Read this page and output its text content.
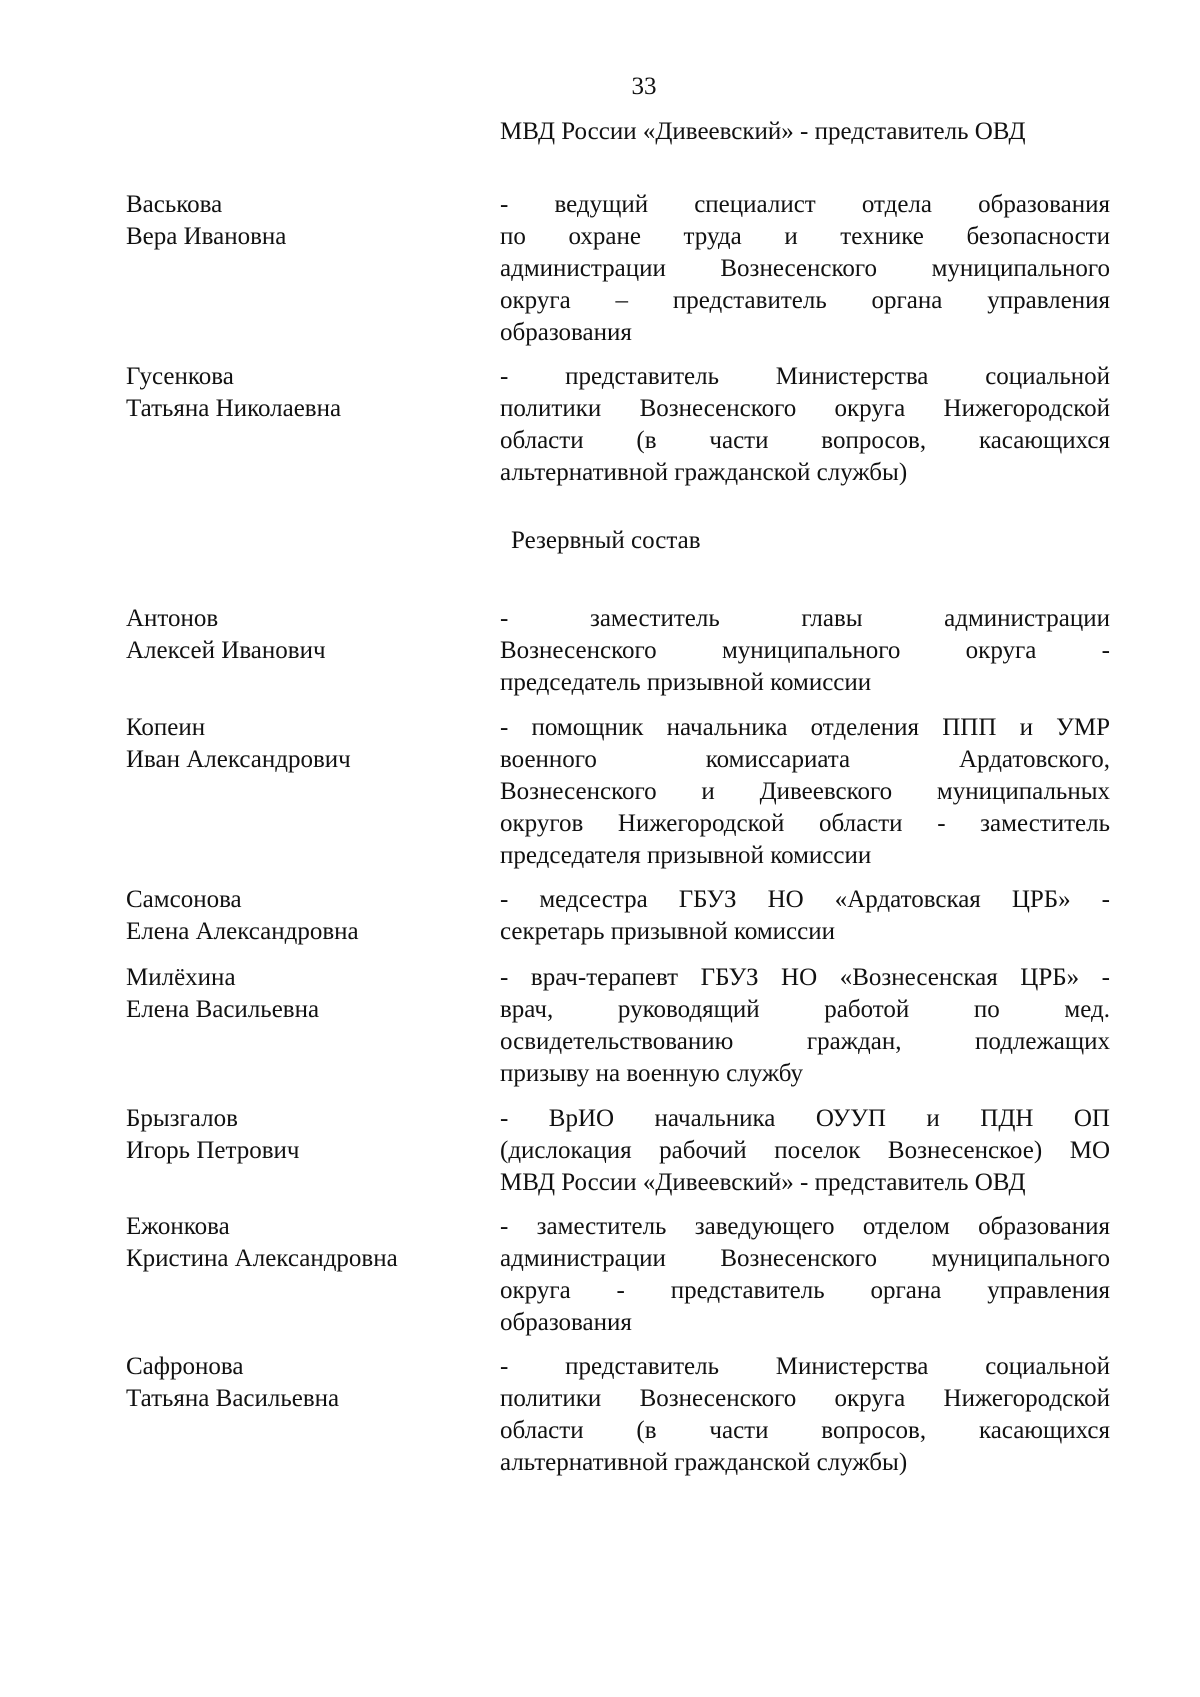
33
МВД России «Дивеевский» - представитель ОВД
Васькова
Вера Ивановна
- ведущий специалист отдела образования
по охране труда и технике безопасности
администрации Вознесенского муниципального
округа – представитель органа управления
образования
Гусенкова
Татьяна Николаевна
- представитель Министерства социальной
политики Вознесенского округа Нижегородской
области (в части вопросов, касающихся
альтернативной гражданской службы)
Резервный состав
Антонов
Алексей Иванович
- заместитель главы администрации
Вознесенского муниципального округа -
председатель призывной комиссии
Копеин
Иван Александрович
- помощник начальника отделения ППП и УМР
военного комиссариата Ардатовского,
Вознесенского и Дивеевского муниципальных
округов Нижегородской области - заместитель
председателя призывной комиссии
Самсонова
Елена Александровна
- медсестра ГБУЗ НО «Ардатовская ЦРБ» -
секретарь призывной комиссии
Милёхина
Елена Васильевна
- врач-терапевт ГБУЗ НО «Вознесенская ЦРБ» -
врач, руководящий работой по мед.
освидетельствованию граждан, подлежащих
призыву на военную службу
Брызгалов
Игорь Петрович
- ВрИО начальника ОУУП и ПДН ОП
(дислокация рабочий поселок Вознесенское) МО
МВД России «Дивеевский» - представитель ОВД
Ежонкова
Кристина Александровна
- заместитель заведующего отделом образования
администрации Вознесенского муниципального
округа - представитель органа управления
образования
Сафронова
Татьяна Васильевна
- представитель Министерства социальной
политики Вознесенского округа Нижегородской
области (в части вопросов, касающихся
альтернативной гражданской службы)
